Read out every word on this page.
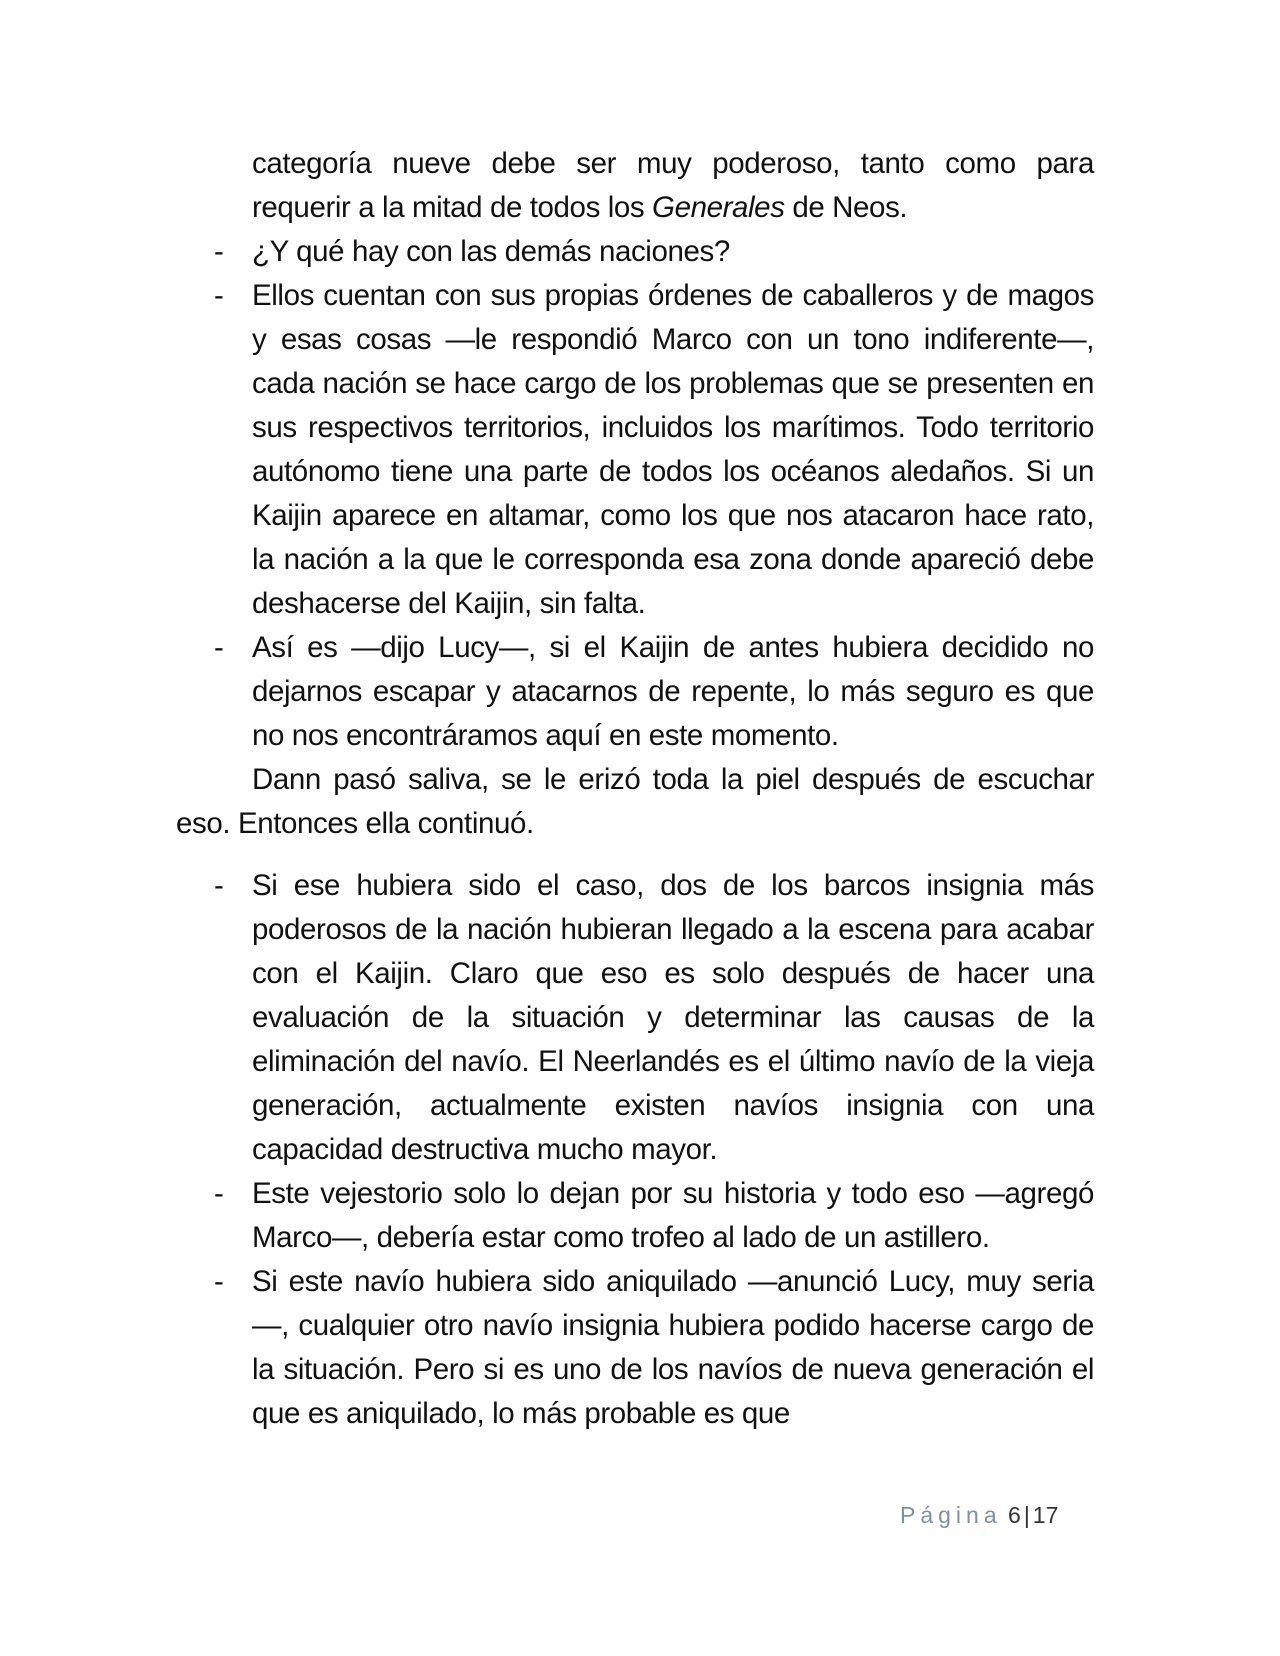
categoría nueve debe ser muy poderoso, tanto como para requerir a la mitad de todos los Generales de Neos.
- ¿Y qué hay con las demás naciones?
- Ellos cuentan con sus propias órdenes de caballeros y de magos y esas cosas —le respondió Marco con un tono indiferente—, cada nación se hace cargo de los problemas que se presenten en sus respectivos territorios, incluidos los marítimos. Todo territorio autónomo tiene una parte de todos los océanos aledaños. Si un Kaijin aparece en altamar, como los que nos atacaron hace rato, la nación a la que le corresponda esa zona donde apareció debe deshacerse del Kaijin, sin falta.
- Así es —dijo Lucy—, si el Kaijin de antes hubiera decidido no dejarnos escapar y atacarnos de repente, lo más seguro es que no nos encontráramos aquí en este momento.
Dann pasó saliva, se le erizó toda la piel después de escuchar eso. Entonces ella continuó.
- Si ese hubiera sido el caso, dos de los barcos insignia más poderosos de la nación hubieran llegado a la escena para acabar con el Kaijin. Claro que eso es solo después de hacer una evaluación de la situación y determinar las causas de la eliminación del navío. El Neerlandés es el último navío de la vieja generación, actualmente existen navíos insignia con una capacidad destructiva mucho mayor.
- Este vejestorio solo lo dejan por su historia y todo eso —agregó Marco—, debería estar como trofeo al lado de un astillero.
- Si este navío hubiera sido aniquilado —anunció Lucy, muy seria—, cualquier otro navío insignia hubiera podido hacerse cargo de la situación. Pero si es uno de los navíos de nueva generación el que es aniquilado, lo más probable es que
Página 6 | 17
